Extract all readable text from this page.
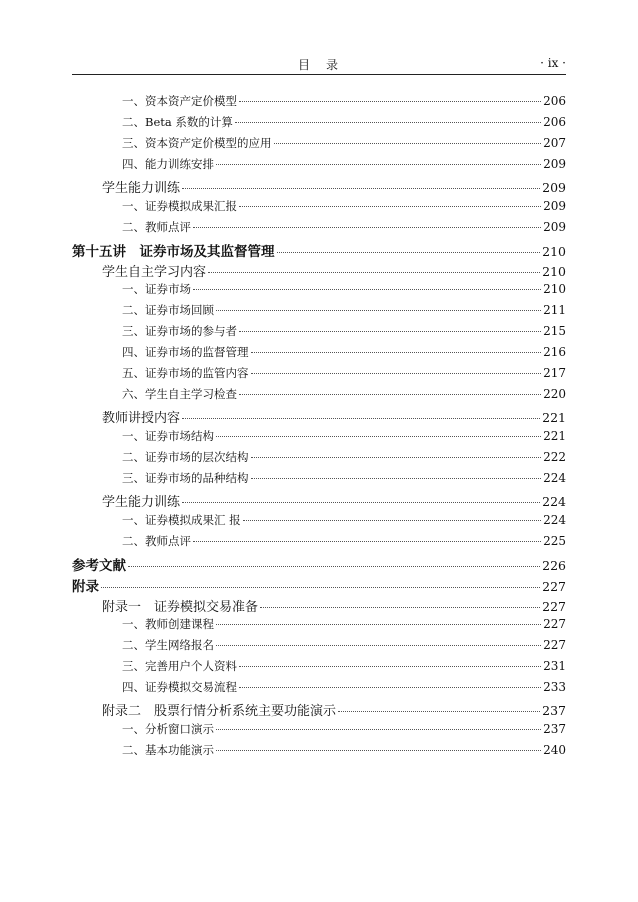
目　录	· ix ·
一、资本资产定价模型	206
二、Beta 系数的计算	206
三、资本资产定价模型的应用	207
四、能力训练安排	209
学生能力训练	209
一、证券模拟成果汇报	209
二、教师点评	209
第十五讲　证券市场及其监督管理	210
学生自主学习内容	210
一、证券市场	210
二、证券市场回顾	211
三、证券市场的参与者	215
四、证券市场的监督管理	216
五、证券市场的监管内容	217
六、学生自主学习检查	220
教师讲授内容	221
一、证券市场结构	221
二、证券市场的层次结构	222
三、证券市场的品种结构	224
学生能力训练	224
一、证券模拟成果汇 报	224
二、教师点评	225
参考文献	226
附录	227
附录一　证券模拟交易准备	227
一、教师创建课程	227
二、学生网络报名	227
三、完善用户个人资料	231
四、证券模拟交易流程	233
附录二　股票行情分析系统主要功能演示	237
一、分析窗口演示	237
二、基本功能演示	240
